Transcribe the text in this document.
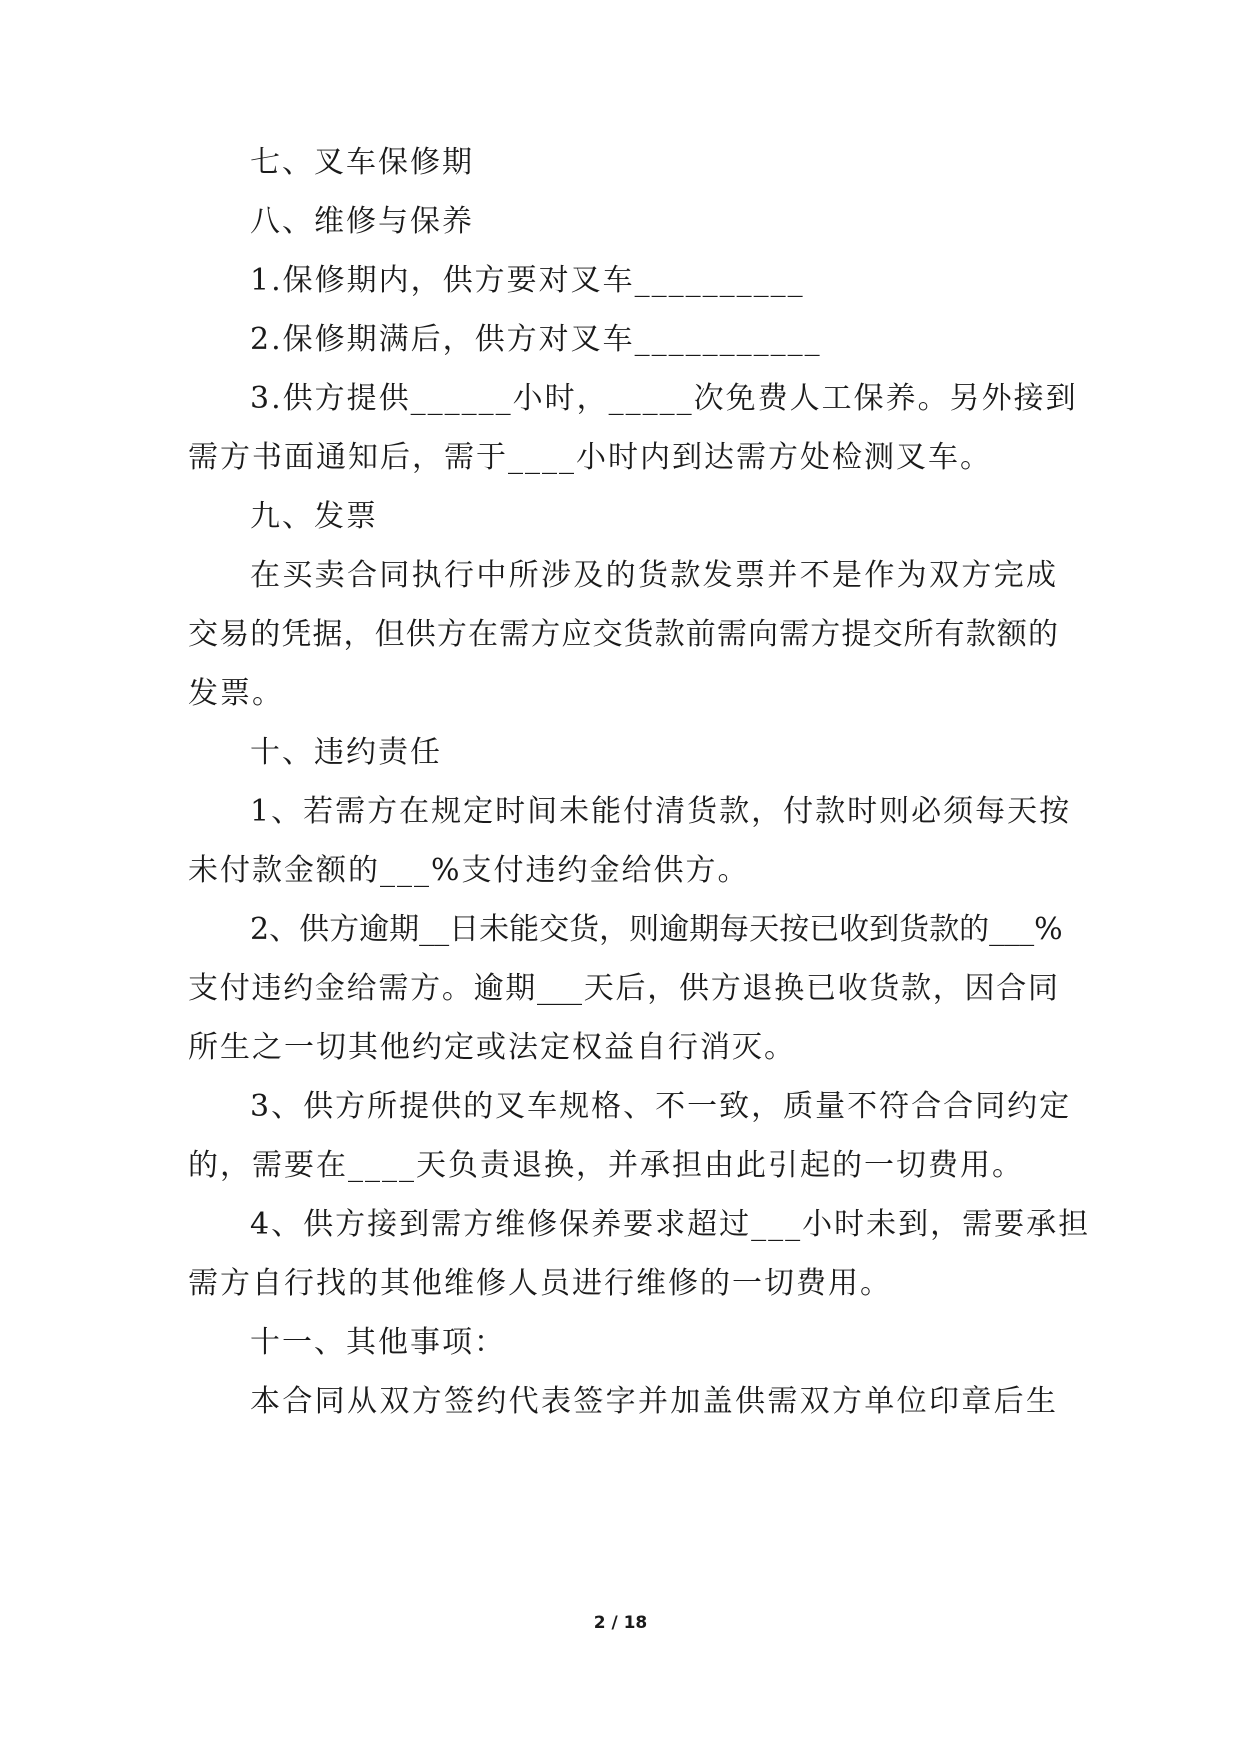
七、叉车保修期
八、维修与保养
1.保修期内，供方要对叉车__________
2.保修期满后，供方对叉车___________
3.供方提供______小时，_____次免费人工保养。另外接到
需方书面通知后，需于____小时内到达需方处检测叉车。
九、发票
在买卖合同执行中所涉及的货款发票并不是作为双方完成
交易的凭据，但供方在需方应交货款前需向需方提交所有款额的
发票。
十、违约责任
1、若需方在规定时间未能付清货款，付款时则必须每天按
未付款金额的___%支付违约金给供方。
2、供方逾期__日未能交货，则逾期每天按已收到货款的___%
支付违约金给需方。逾期___天后，供方退换已收货款，因合同
所生之一切其他约定或法定权益自行消灭。
3、供方所提供的叉车规格、不一致，质量不符合合同约定
的，需要在____天负责退换，并承担由此引起的一切费用。
4、供方接到需方维修保养要求超过___小时未到，需要承担
需方自行找的其他维修人员进行维修的一切费用。
十一、其他事项：
本合同从双方签约代表签字并加盖供需双方单位印章后生
2 / 18
